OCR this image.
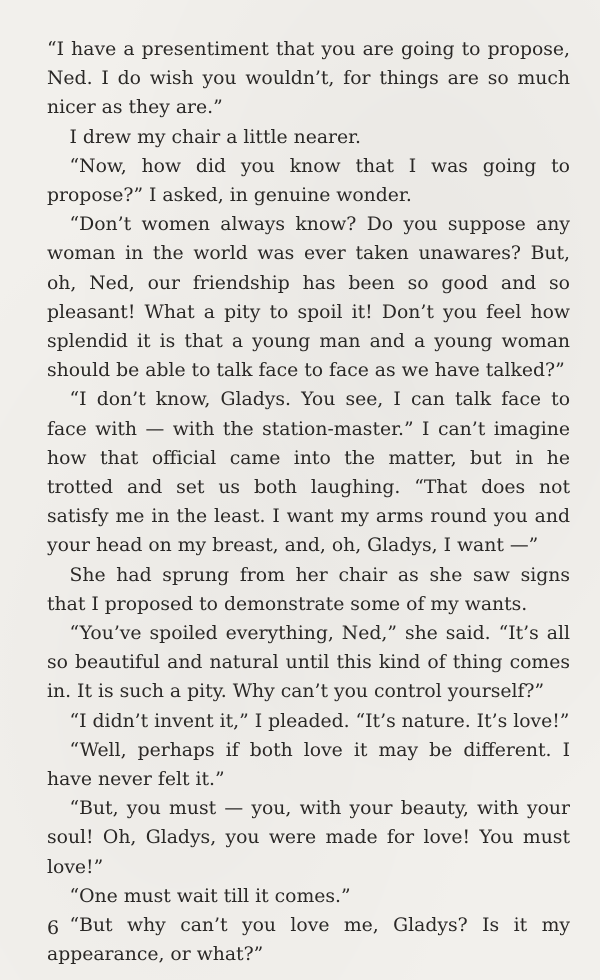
“I have a presentiment that you are going to propose, Ned. I do wish you wouldn’t, for things are so much nicer as they are.”

I drew my chair a little nearer.

“Now, how did you know that I was going to propose?” I asked, in genuine wonder.

“Don’t women always know? Do you suppose any woman in the world was ever taken unawares? But, oh, Ned, our friendship has been so good and so pleasant! What a pity to spoil it! Don’t you feel how splendid it is that a young man and a young woman should be able to talk face to face as we have talked?”

“I don’t know, Gladys. You see, I can talk face to face with — with the station-master.” I can’t imagine how that official came into the matter, but in he trotted and set us both laughing. “That does not satisfy me in the least. I want my arms round you and your head on my breast, and, oh, Gladys, I want —”

She had sprung from her chair as she saw signs that I proposed to demonstrate some of my wants.

“You’ve spoiled everything, Ned,” she said. “It’s all so beautiful and natural until this kind of thing comes in. It is such a pity. Why can’t you control yourself?”

“I didn’t invent it,” I pleaded. “It’s nature. It’s love!”

“Well, perhaps if both love it may be different. I have never felt it.”

“But, you must — you, with your beauty, with your soul! Oh, Gladys, you were made for love! You must love!”

“One must wait till it comes.”

“But why can’t you love me, Gladys? Is it my appearance, or what?”

6
